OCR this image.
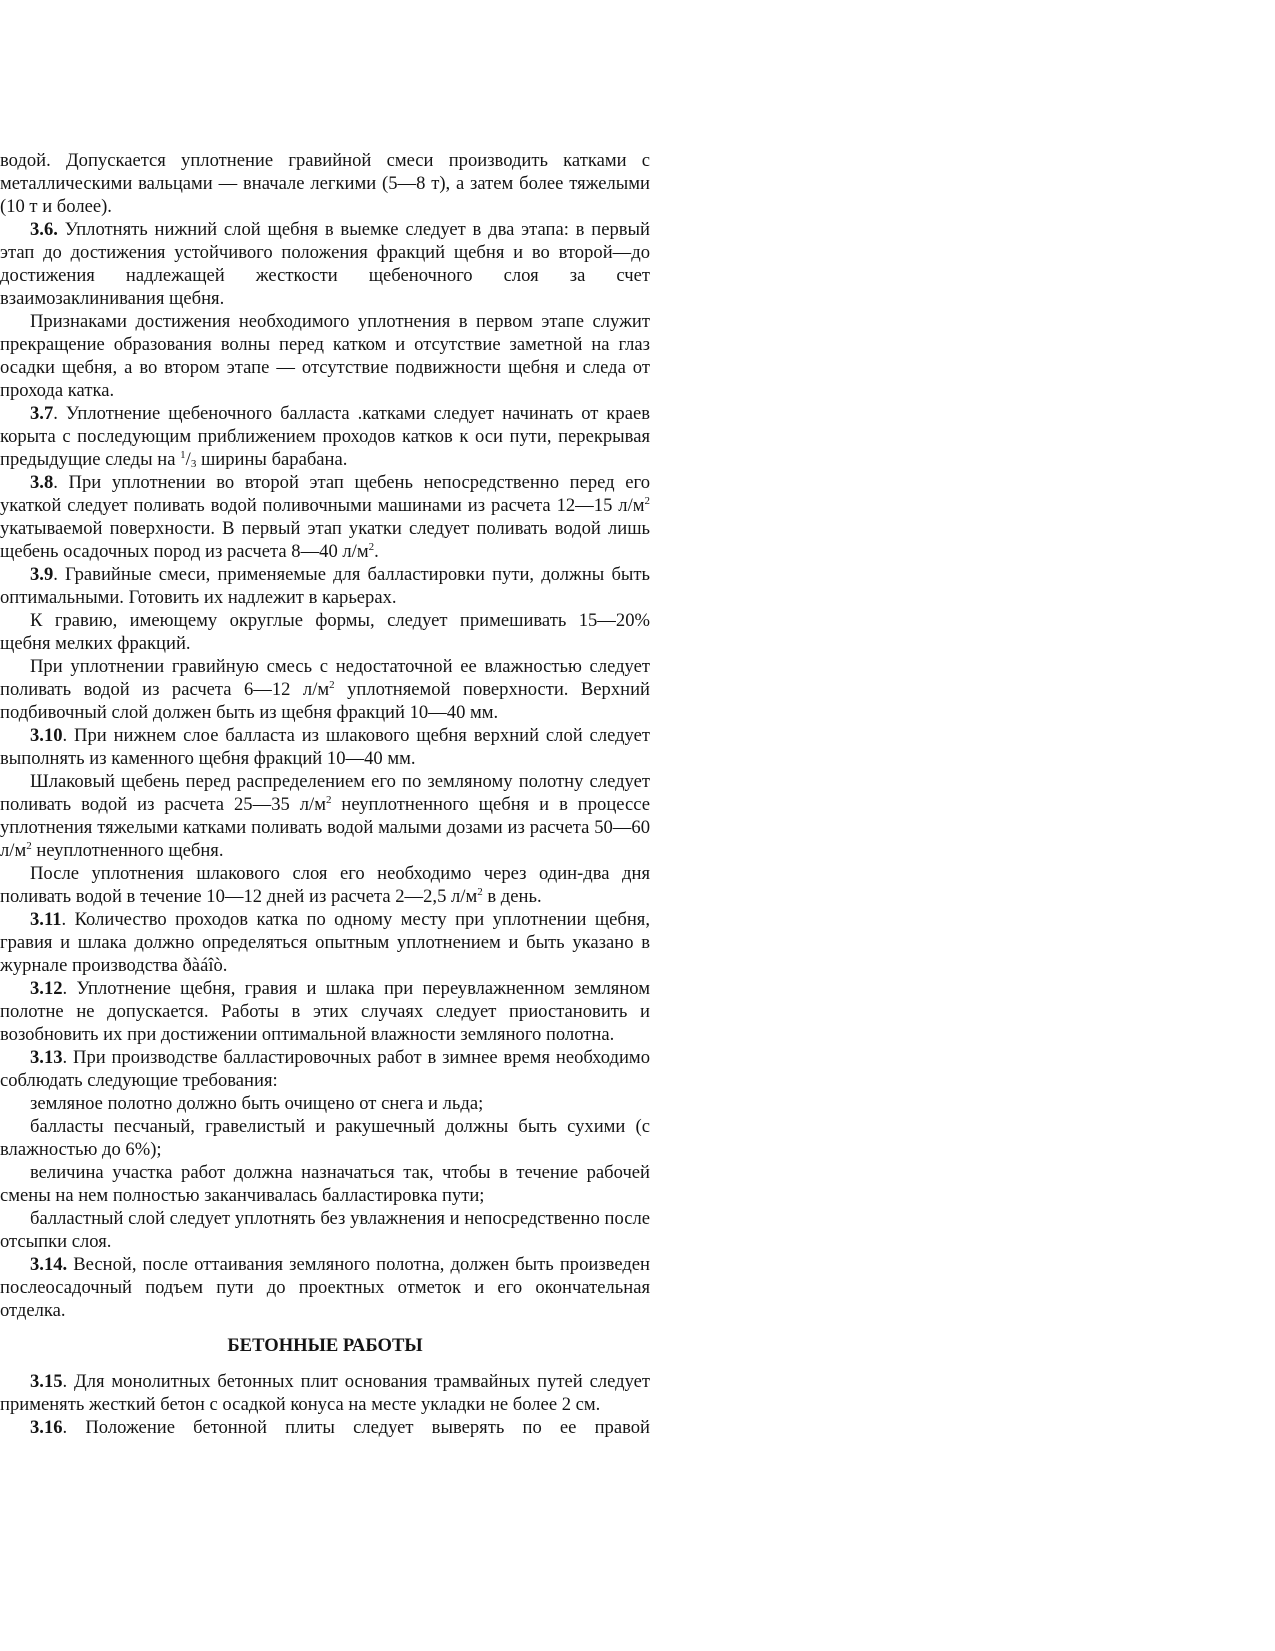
водой. Допускается уплотнение гравийной смеси производить катками с металлическими вальцами — вначале легкими (5—8 т), а затем более тяжелыми (10 т и более).

3.6. Уплотнять нижний слой щебня в выемке следует в два этапа: в первый этап до достижения устойчивого положения фракций щебня и во второй—до достижения надлежащей жесткости щебеночного слоя за счет взаимозаклинивания щебня.

Признаками достижения необходимого уплотнения в первом этапе служит прекращение образования волны перед катком и отсутствие заметной на глаз осадки щебня, а во втором этапе — отсутствие подвижности щебня и следа от прохода катка.

3.7. Уплотнение щебеночного балласта .катками следует начинать от краев корыта с последующим приближением проходов катков к оси пути, перекрывая предыдущие следы на $^1/_3$ ширины барабана.

3.8. При уплотнении во второй этап щебень непосредственно перед его укаткой следует поливать водой поливочными машинами из расчета 12—15 $л/м^2$ укатываемой поверхности. В первый этап укатки следует поливать водой лишь щебень осадочных пород из расчета 8—40 $л/м^2$.

3.9. Гравийные смеси, применяемые для балластировки пути, должны быть оптимальными. Готовить их надлежит в карьерах.

К гравию, имеющему округлые формы, следует примешивать 15—20% щебня мелких фракций.

При уплотнении гравийную смесь с недостаточной ее влажностью следует поливать водой из расчета 6—12 $л/м^2$ уплотняемой поверхности. Верхний подбивочный слой должен быть из щебня фракций 10—40 мм.

3.10. При нижнем слое балласта из шлакового щебня верхний слой следует выполнять из каменного щебня фракций 10—40 мм.

Шлаковый щебень перед распределением его по земляному полотну следует поливать водой из расчета 25—35 $л/м^2$ неуплотненного щебня и в процессе уплотнения тяжелыми катками поливать водой малыми дозами из расчета 50—60 $л/м^2$ неуплотненного щебня.

После уплотнения шлакового слоя его необходимо через один-два дня поливать водой в течение 10—12 дней из расчета 2—2,5 $л/м^2$ в день.

3.11. Количество проходов катка по одному месту при уплотнении щебня, гравия и шлака должно определяться опытным уплотнением и быть указано в журнале производства ðàáîò.

3.12. Уплотнение щебня, гравия и шлака при переувлажненном земляном полотне не допускается. Работы в этих случаях следует приостановить и возобновить их при достижении оптимальной влажности земляного полотна.

3.13. При производстве балластировочных работ в зимнее время необходимо соблюдать следующие требования:

земляное полотно должно быть очищено от снега и льда;

балласты песчаный, гравелистый и ракушечный должны быть сухими (с влажностью до 6%);

величина участка работ должна назначаться так, чтобы в течение рабочей смены на нем полностью заканчивалась балластировка пути;

балластный слой следует уплотнять без увлажнения и непосредственно после отсыпки слоя.

3.14. Весной, после оттаивания земляного полотна, должен быть произведен послеосадочный подъем пути до проектных отметок и его окончательная отделка.

БЕТОННЫЕ РАБОТЫ

3.15. Для монолитных бетонных плит основания трамвайных путей следует применять жесткий бетон с осадкой конуса на месте укладки не более 2 см.

3.16. Положение бетонной плиты следует выверять по ее правой
